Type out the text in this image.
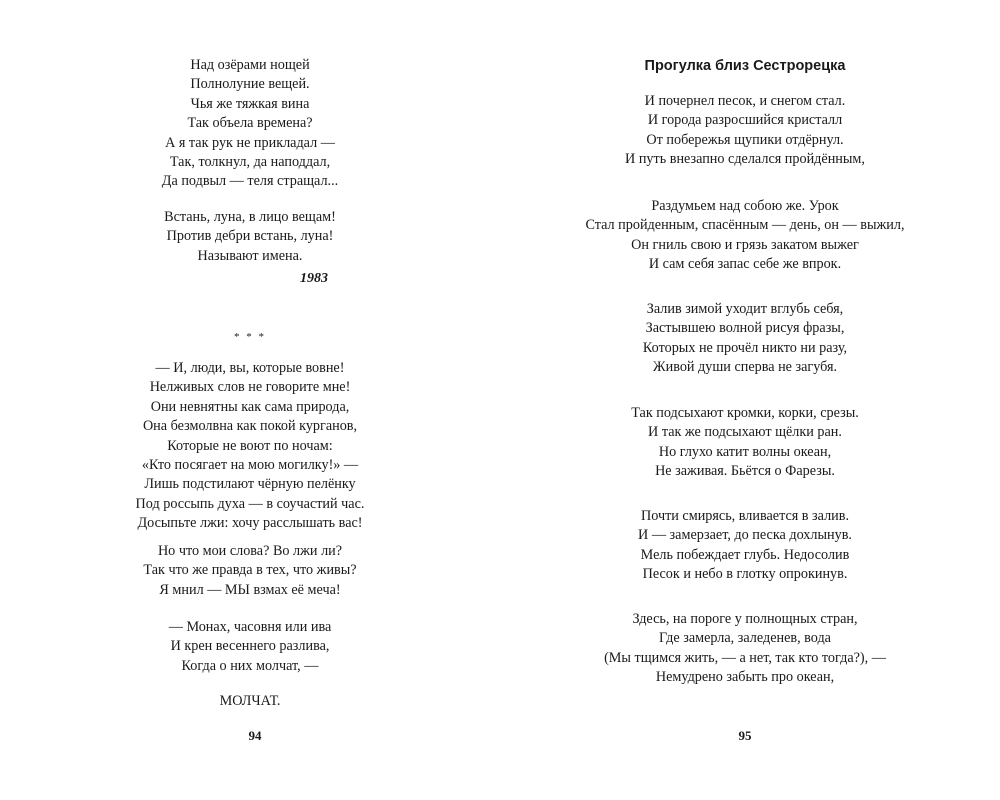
Над озёрами нощей
Полнолуние вещей.
Чья же тяжкая вина
Так объела времена?
А я так рук не прикладал —
Так, толкнул, да наподдал,
Да подвыл — теля стращал...
Встань, луна, в лицо вещам!
Против дебри встань, луна!
Называют имена.
1983
* * *
— И, люди, вы, которые вовне!
Нелживых слов не говорите мне!
Они невнятны как сама природа,
Она безмолвна как покой курганов,
Которые не воют по ночам:
«Кто посягает на мою могилку!» —
Лишь подстилают чёрную пелёнку
Под россыпь духа — в соучастий час.
Досыпьте лжи: хочу расслышать вас!
Но что мои слова? Во лжи ли?
Так что же правда в тех, что живы?
Я мнил — МЫ взмах её меча!
— Монах, часовня или ива
И крен весеннего разлива,
Когда о них молчат, —
МОЛЧАТ.
94
Прогулка близ Сестрорецка
И почернел песок, и снегом стал.
И города разросшийся кристалл
От побережья щупики отдёрнул.
И путь внезапно сделался пройдённым,
Раздумьем над собою же. Урок
Стал пройденным, спасённым — день, он — выжил,
Он гниль свою и грязь закатом выжег
И сам себя запас себе же впрок.
Залив зимой уходит вглубь себя,
Застывшею волной рисуя фразы,
Которых не прочёл никто ни разу,
Живой души сперва не загубя.
Так подсыхают кромки, корки, срезы.
И так же подсыхают щёлки ран.
Но глухо катит волны океан,
Не заживая. Бьётся о Фарезы.
Почти смирясь, вливается в залив.
И — замерзает, до песка дохлынув.
Мель побеждает глубь. Недосолив
Песок и небо в глотку опрокинув.
Здесь, на пороге у полнощных стран,
Где замерла, заледенев, вода
(Мы тщимся жить, — а нет, так кто тогда?), —
Немудрено забыть про океан,
95
